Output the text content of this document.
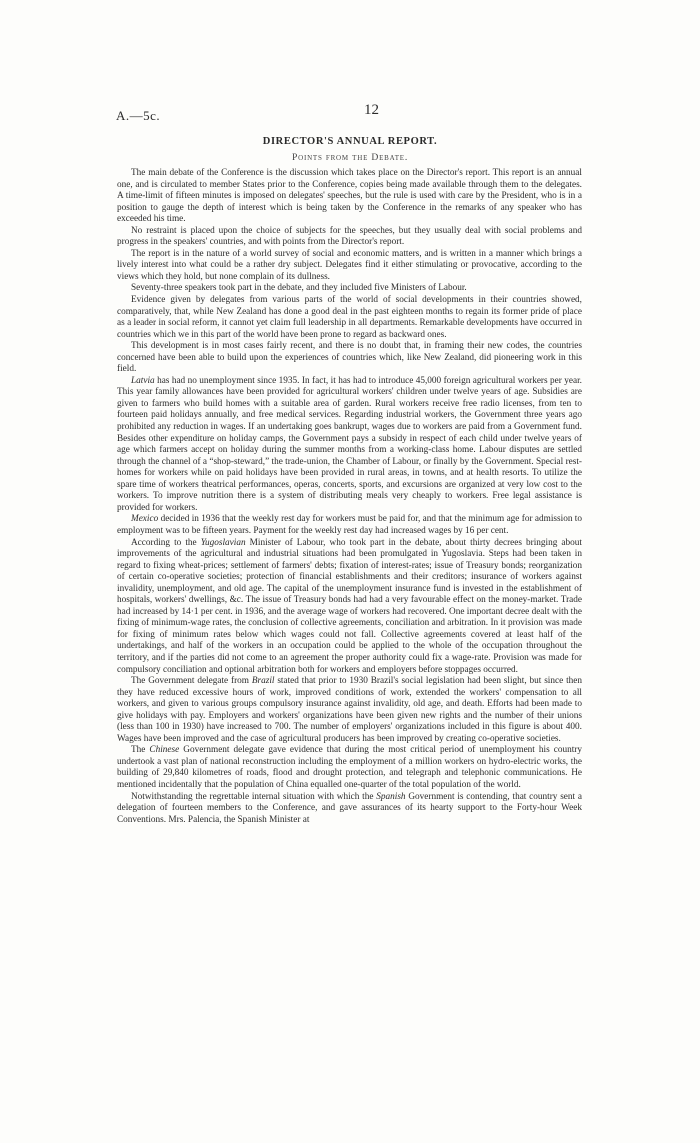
A.—5c.	12
DIRECTOR'S ANNUAL REPORT.
Points from the Debate.

The main debate of the Conference is the discussion which takes place on the Director's report. This report is an annual one, and is circulated to member States prior to the Conference, copies being made available through them to the delegates. A time-limit of fifteen minutes is imposed on delegates' speeches, but the rule is used with care by the President, who is in a position to gauge the depth of interest which is being taken by the Conference in the remarks of any speaker who has exceeded his time.

No restraint is placed upon the choice of subjects for the speeches, but they usually deal with social problems and progress in the speakers' countries, and with points from the Director's report.

The report is in the nature of a world survey of social and economic matters, and is written in a manner which brings a lively interest into what could be a rather dry subject. Delegates find it either stimulating or provocative, according to the views which they hold, but none complain of its dullness.

Seventy-three speakers took part in the debate, and they included five Ministers of Labour.

Evidence given by delegates from various parts of the world of social developments in their countries showed, comparatively, that, while New Zealand has done a good deal in the past eighteen months to regain its former pride of place as a leader in social reform, it cannot yet claim full leadership in all departments. Remarkable developments have occurred in countries which we in this part of the world have been prone to regard as backward ones.

This development is in most cases fairly recent, and there is no doubt that, in framing their new codes, the countries concerned have been able to build upon the experiences of countries which, like New Zealand, did pioneering work in this field.

Latvia has had no unemployment since 1935. In fact, it has had to introduce 45,000 foreign agricultural workers per year. This year family allowances have been provided for agricultural workers' children under twelve years of age. Subsidies are given to farmers who build homes with a suitable area of garden. Rural workers receive free radio licenses, from ten to fourteen paid holidays annually, and free medical services. Regarding industrial workers, the Government three years ago prohibited any reduction in wages. If an undertaking goes bankrupt, wages due to workers are paid from a Government fund. Besides other expenditure on holiday camps, the Government pays a subsidy in respect of each child under twelve years of age which farmers accept on holiday during the summer months from a working-class home. Labour disputes are settled through the channel of a “shop-steward,” the trade-union, the Chamber of Labour, or finally by the Government. Special rest-homes for workers while on paid holidays have been provided in rural areas, in towns, and at health resorts. To utilize the spare time of workers theatrical performances, operas, concerts, sports, and excursions are organized at very low cost to the workers. To improve nutrition there is a system of distributing meals very cheaply to workers. Free legal assistance is provided for workers.

Mexico decided in 1936 that the weekly rest day for workers must be paid for, and that the minimum age for admission to employment was to be fifteen years. Payment for the weekly rest day had increased wages by 16 per cent.

According to the Yugoslavian Minister of Labour, who took part in the debate, about thirty decrees bringing about improvements of the agricultural and industrial situations had been promulgated in Yugoslavia. Steps had been taken in regard to fixing wheat-prices; settlement of farmers' debts; fixation of interest-rates; issue of Treasury bonds; reorganization of certain co-operative societies; protection of financial establishments and their creditors; insurance of workers against invalidity, unemployment, and old age. The capital of the unemployment insurance fund is invested in the establishment of hospitals, workers' dwellings, &c. The issue of Treasury bonds had had a very favourable effect on the money-market. Trade had increased by 14·1 per cent. in 1936, and the average wage of workers had recovered. One important decree dealt with the fixing of minimum-wage rates, the conclusion of collective agreements, conciliation and arbitration. In it provision was made for fixing of minimum rates below which wages could not fall. Collective agreements covered at least half of the undertakings, and half of the workers in an occupation could be applied to the whole of the occupation throughout the territory, and if the parties did not come to an agreement the proper authority could fix a wage-rate. Provision was made for compulsory conciliation and optional arbitration both for workers and employers before stoppages occurred.

The Government delegate from Brazil stated that prior to 1930 Brazil's social legislation had been slight, but since then they have reduced excessive hours of work, improved conditions of work, extended the workers' compensation to all workers, and given to various groups compulsory insurance against invalidity, old age, and death. Efforts had been made to give holidays with pay. Employers and workers' organizations have been given new rights and the number of their unions (less than 100 in 1930) have increased to 700. The number of employers' organizations included in this figure is about 400. Wages have been improved and the case of agricultural producers has been improved by creating co-operative societies.

The Chinese Government delegate gave evidence that during the most critical period of unemployment his country undertook a vast plan of national reconstruction including the employment of a million workers on hydro-electric works, the building of 29,840 kilometres of roads, flood and drought protection, and telegraph and telephonic communications. He mentioned incidentally that the population of China equalled one-quarter of the total population of the world.

Notwithstanding the regrettable internal situation with which the Spanish Government is contending, that country sent a delegation of fourteen members to the Conference, and gave assurances of its hearty support to the Forty-hour Week Conventions. Mrs. Palencia, the Spanish Minister at
